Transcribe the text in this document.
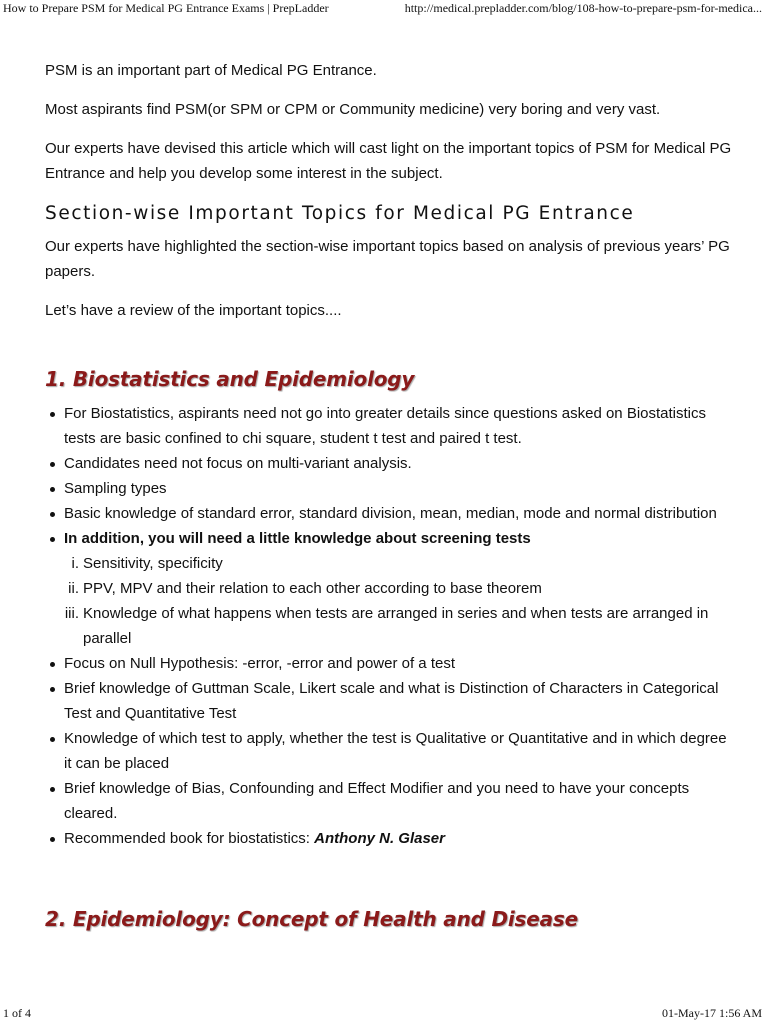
How to Prepare PSM for Medical PG Entrance Exams | PrepLadder	http://medical.prepladder.com/blog/108-how-to-prepare-psm-for-medica...

PSM is an important part of Medical PG Entrance.

Most aspirants find PSM(or SPM or CPM or Community medicine) very boring and very vast.

Our experts have devised this article which will cast light on the important topics of PSM for Medical PG Entrance and help you develop some interest in the subject.

Section-wise Important Topics for Medical PG Entrance

Our experts have highlighted the section-wise important topics based on analysis of previous years’ PG papers.

Let’s have a review of the important topics....

1. Biostatistics and Epidemiology
For Biostatistics, aspirants need not go into greater details since questions asked on Biostatistics tests are basic confined to chi square, student t test and paired t test.
Candidates need not focus on multi-variant analysis.
Sampling types
Basic knowledge of standard error, standard division, mean, median, mode and normal distribution
In addition, you will need a little knowledge about screening tests
i. Sensitivity, specificity
ii. PPV, MPV and their relation to each other according to base theorem
iii. Knowledge of what happens when tests are arranged in series and when tests are arranged in parallel
Focus on Null Hypothesis: -error, -error and power of a test
Brief knowledge of Guttman Scale, Likert scale and what is Distinction of Characters in Categorical Test and Quantitative Test
Knowledge of which test to apply, whether the test is Qualitative or Quantitative and in which degree it can be placed
Brief knowledge of Bias, Confounding and Effect Modifier and you need to have your concepts cleared.
Recommended book for biostatistics: Anthony N. Glaser
2. Epidemiology: Concept of Health and Disease
1 of 4	01-May-17 1:56 AM
